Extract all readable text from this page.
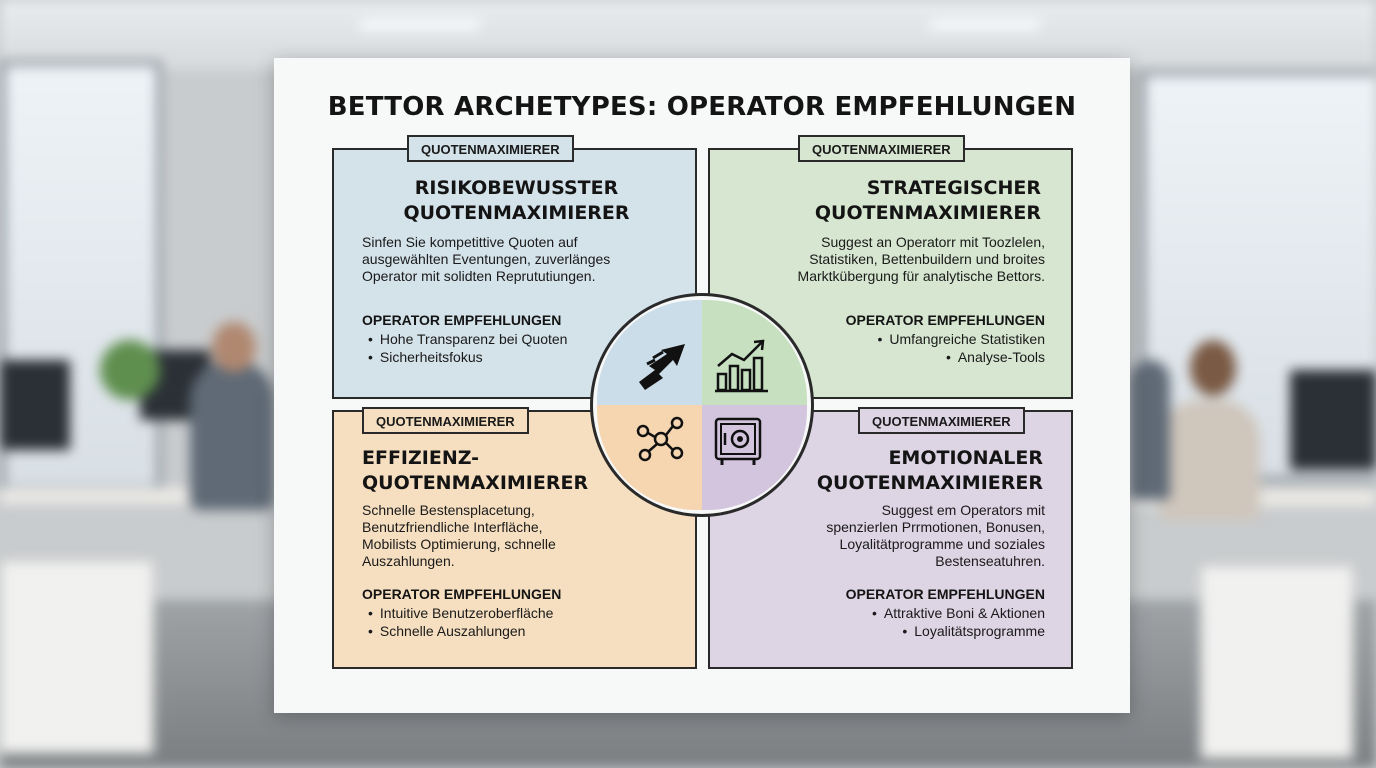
BETTOR ARCHETYPES: OPERATOR EMPFEHLUNGEN
RISIKOBEWUSSTER
QUOTENMAXIMIERER
Sinfen Sie kompetittive Quoten auf
ausgewählten Eventungen, zuverlänges
Operator mit solidten Reprututiungen.
OPERATOR EMPFEHLUNGEN
• Hohe Transparenz bei Quoten
• Sicherheitsfokus
STRATEGISCHER
QUOTENMAXIMIERER
Suggest an Operatorr mit Toozlelen,
Statistiken, Bettenbuildern und broites
Marktkübergung für analytische Bettors.
OPERATOR EMPFEHLUNGEN
• Umfangreiche Statistiken
• Analyse-Tools
EFFIZIENZ-
QUOTENMAXIMIERER
Schnelle Bestensplacetung,
Benutzfriendliche Interfläche,
Mobilists Optimierung, schnelle
Auszahlungen.
OPERATOR EMPFEHLUNGEN
• Intuitive Benutzeroberfläche
• Schnelle Auszahlungen
EMOTIONALER
QUOTENMAXIMIERER
Suggest em Operators mit
spenzierlen Prrmotionen, Bonusen,
Loyalitätprogramme und soziales
Bestenseatuhren.
OPERATOR EMPFEHLUNGEN
• Attraktive Boni & Aktionen
• Loyalitätsprogramme
QUOTENMAXIMIERER	QUOTENMAXIMIERER
QUOTENMAXIMIERER	QUOTENMAXIMIERER
